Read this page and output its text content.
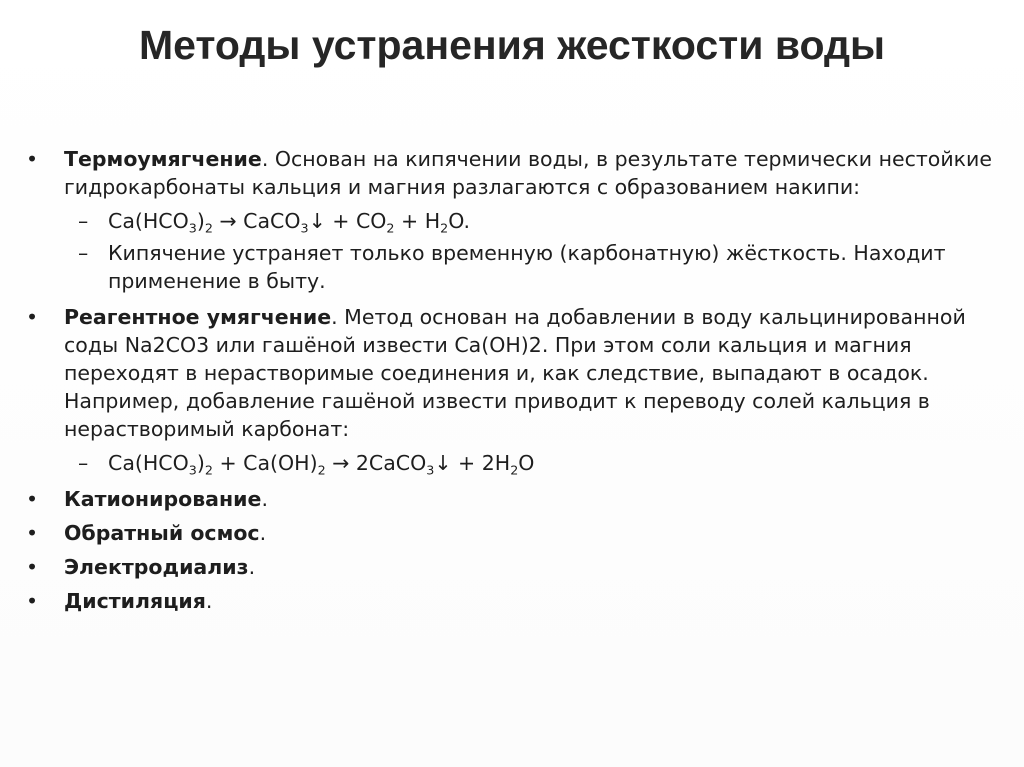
Методы устранения жесткости воды
•	Термоумягчение. Основан на кипячении воды, в результате термически нестойкие гидрокарбонаты кальция и магния разлагаются с образованием накипи:
– $Ca(HCO_3)_2$ → CaCO$_3$↓ + $CO_2 + H_2O$.
– Кипячение устраняет только временную (карбонатную) жёсткость. Находит применение в быту.
•	Реагентное умягчение. Метод основан на добавлении в воду кальцинированной соды Na2CO3 или гашёной извести Ca(OH)2. При этом соли кальция и магния переходят в нерастворимые соединения и, как следствие, выпадают в осадок. Например, добавление гашёной извести приводит к переводу солей кальция в нерастворимый карбонат:
– $Ca(HCO_3)_2 + Ca(OH)_2$ → 2CaCO$_3$↓ + $2H_2O$
•	Катионирование.
•	Обратный осмос.
•	Электродиализ.
•	Дистиляция.
